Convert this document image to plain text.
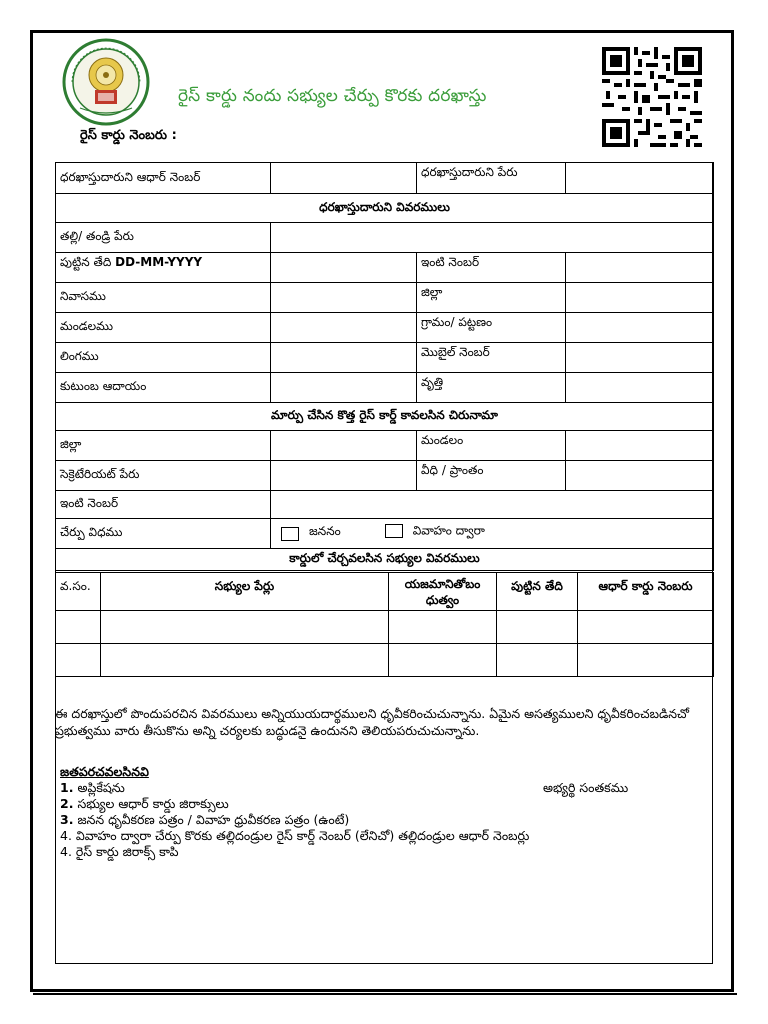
రైస్ కార్డు నందు సభ్యుల చేర్పు కొరకు దరఖాస్తు
రైస్ కార్డు నెంబరు :
ధరఖాస్తుదారుని ఆధార్ నెంబర్		ధరఖాస్తుదారుని పేరు	
ధరఖాస్తుదారుని వివరములు			
తల్లి/ తండ్రి పేరు			
పుట్టిన తేది DD-MM-YYYY		ఇంటి నెంబర్	
నివాసము		జిల్లా	
మండలము		గ్రామం/ పట్టణం	
లింగము		మొబైల్ నెంబర్	
కుటుంబ ఆదాయం		వృత్తి	
మార్పు చేసిన కొత్త రైస్ కార్డ్ కావలసిన చిరునామా			
జిల్లా		మండలం	
సెక్రెటేరియట్ పేరు		వీధి / ప్రాంతం	
ఇంటి నెంబర్			
చేర్పు విధము	జననం వివాహం ద్వారా		
కార్డులో చేర్చవలసిన సభ్యుల వివరములు			
వ.సం.	సభ్యుల పేర్లు	యజమానితోబం ధుత్వం	పుట్టిన తేది	ఆధార్ కార్డు నెంబరు

ఈ దరఖాస్తులో పొందుపరచిన వివరములు అన్నియుయదార్థములని ధృవీకరించుచున్నాను. ఏమైన అసత్యములని ధృవీకరించబడినచో ప్రభుత్వము వారు తీసుకొను అన్ని చర్యలకు బద్ధుడనై ఉందునని తెలియపరుచుచున్నాను.
జతపరచవలసినవి
అభ్యర్థి సంతకము
1. అప్లికేషను
2. సభ్యుల ఆధార్ కార్డు జిరాక్సులు
3. జనన ధృవీకరణ పత్రం / వివాహ ధ్రువీకరణ పత్రం (ఉంటే)
4. వివాహం ద్వారా చేర్పు కొరకు తల్లిదండ్రుల రైస్ కార్డ్ నెంబర్ (లేనిచో) తల్లిదండ్రుల ఆధార్ నెంబర్లు
4. రైస్ కార్డు జిరాక్స్ కాపి
